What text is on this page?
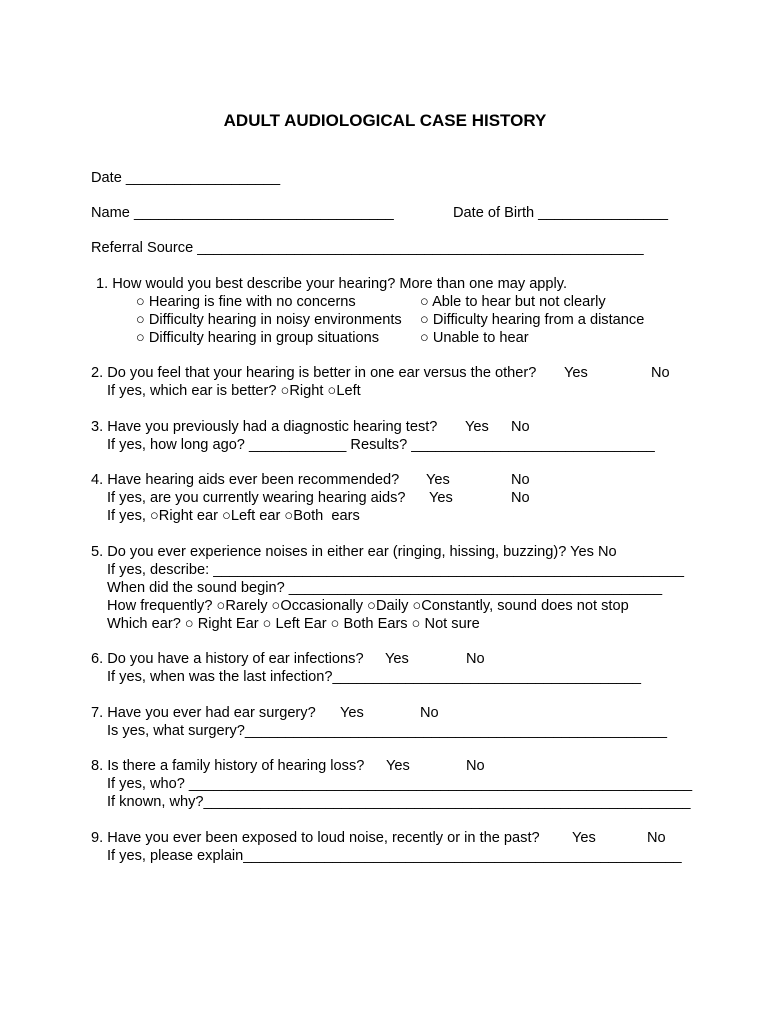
ADULT AUDIOLOGICAL CASE HISTORY
Date ___________________
Name ________________________________	Date of Birth ________________
Referral Source _______________________________________________________
1. How would you best describe your hearing? More than one may apply.
○ Hearing is fine with no concerns
○ Difficulty hearing in noisy environments
○ Difficulty hearing in group situations
○ Able to hear but not clearly
○ Difficulty hearing from a distance
○ Unable to hear
2. Do you feel that your hearing is better in one ear versus the other? Yes	No
If yes, which ear is better? ○Right ○Left
3. Have you previously had a diagnostic hearing test? Yes No
If yes, how long ago? ____________ Results? ______________________________
4. Have hearing aids ever been recommended? Yes	No
If yes, are you currently wearing hearing aids? Yes	No
If yes, ○Right ear ○Left ear ○Both  ears
5. Do you ever experience noises in either ear (ringing, hissing, buzzing)? Yes No
If yes, describe: __________________________________________________________
When did the sound begin? ______________________________________________
How frequently? ○Rarely ○Occasionally ○Daily ○Constantly, sound does not stop
Which ear? ○ Right Ear ○ Left Ear ○ Both Ears ○ Not sure
6. Do you have a history of ear infections? Yes	No
If yes, when was the last infection?______________________________________
7. Have you ever had ear surgery? Yes	No
Is yes, what surgery?____________________________________________________
8. Is there a family history of hearing loss? Yes	No
If yes, who? ______________________________________________________________
If known, why?____________________________________________________________
9. Have you ever been exposed to loud noise, recently or in the past? Yes	No
If yes, please explain______________________________________________________
